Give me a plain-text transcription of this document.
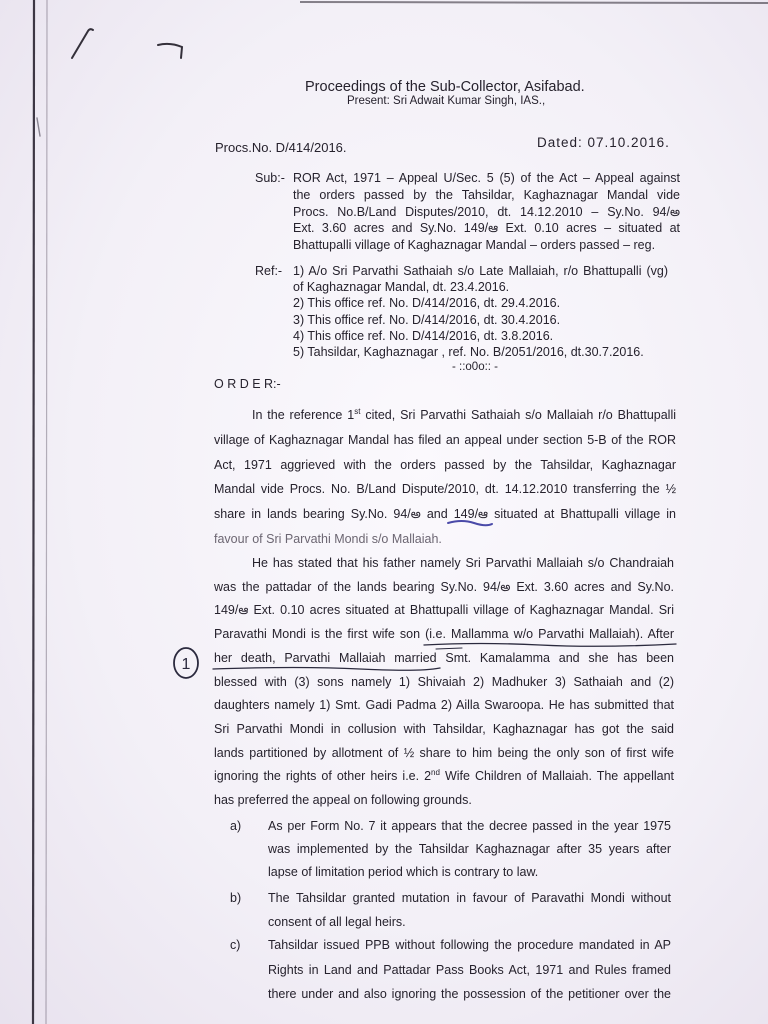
Proceedings of the Sub-Collector, Asifabad.
Present: Sri Adwait Kumar Singh, IAS.,
Procs.No. D/414/2016.	Dated: 07.10.2016.
Sub:- ROR Act, 1971 – Appeal U/Sec. 5 (5) of the Act – Appeal against
the orders passed by the Tahsildar, Kaghaznagar Mandal vide
Procs. No.B/Land Disputes/2010, dt. 14.12.2010 – Sy.No. 94/అ
Ext. 3.60 acres and Sy.No. 149/ఆ Ext. 0.10 acres – situated at
Bhattupalli village of Kaghaznagar Mandal – orders passed – reg.
Ref:- 1) A/o Sri Parvathi Sathaiah s/o Late Mallaiah, r/o Bhattupalli (vg)
of Kaghaznagar Mandal, dt. 23.4.2016.
2) This office ref. No. D/414/2016, dt. 29.4.2016.
3) This office ref. No. D/414/2016, dt. 30.4.2016.
4) This office ref. No. D/414/2016, dt. 3.8.2016.
5) Tahsildar, Kaghaznagar , ref. No. B/2051/2016, dt.30.7.2016.
- ::o0o:: -
O R D E R:-
In the reference 1st cited, Sri Parvathi Sathaiah s/o Mallaiah r/o Bhattupalli
village of Kaghaznagar Mandal has filed an appeal under section 5-B of the ROR
Act, 1971 aggrieved with the orders passed by the Tahsildar, Kaghaznagar
Mandal vide Procs. No. B/Land Dispute/2010, dt. 14.12.2010 transferring the ½
share in lands bearing Sy.No. 94/అ and 149/ఆ situated at Bhattupalli village in
favour of Sri Parvathi Mondi s/o Mallaiah.
He has stated that his father namely Sri Parvathi Mallaiah s/o Chandraiah
was the pattadar of the lands bearing Sy.No. 94/అ Ext. 3.60 acres and Sy.No.
149/ఆ Ext. 0.10 acres situated at Bhattupalli village of Kaghaznagar Mandal. Sri
Paravathi Mondi is the first wife son (i.e. Mallamma w/o Parvathi Mallaiah). After
her death, Parvathi Mallaiah married Smt. Kamalamma and she has been
blessed with (3) sons namely 1) Shivaiah 2) Madhuker 3) Sathaiah and (2)
daughters namely 1) Smt. Gadi Padma 2) Ailla Swaroopa. He has submitted that
Sri Parvathi Mondi in collusion with Tahsildar, Kaghaznagar has got the said
lands partitioned by allotment of ½ share to him being the only son of first wife
ignoring the rights of other heirs i.e. 2nd Wife Children of Mallaiah. The appellant
has preferred the appeal on following grounds.
a) As per Form No. 7 it appears that the decree passed in the year 1975
was implemented by the Tahsildar Kaghaznagar after 35 years after
lapse of limitation period which is contrary to law.
b) The Tahsildar granted mutation in favour of Paravathi Mondi without
consent of all legal heirs.
c) Tahsildar issued PPB without following the procedure mandated in AP
Rights in Land and Pattadar Pass Books Act, 1971 and Rules framed
there under and also ignoring the possession of the petitioner over the
1
